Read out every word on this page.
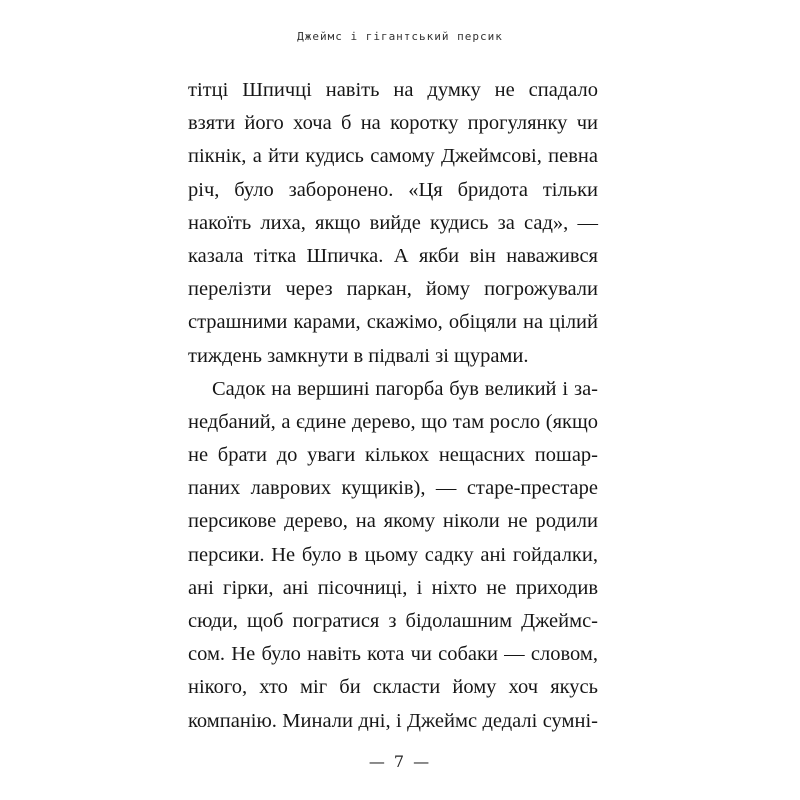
Джеймс і гігантський персик
тітці Шпичці навіть на думку не спадало
взяти його хоча б на коротку прогулянку чи
пікнік, а йти кудись самому Джеймсові, певна
річ, було заборонено. «Ця бридота тільки
накоїть лиха, якщо вийде кудись за сад», —
казала тітка Шпичка. А якби він наважився
перелізти через паркан, йому погрожували
страшними карами, скажімо, обіцяли на цілий
тиждень замкнути в підвалі зі щурами.
Садок на вершині пагорба був великий і за-
недбаний, а єдине дерево, що там росло (якщо
не брати до уваги кількох нещасних пошар-
паних лаврових кущиків), — старе-престаре
персикове дерево, на якому ніколи не родили
персики. Не було в цьому садку ані гойдалки,
ані гірки, ані пісочниці, і ніхто не приходив
сюди, щоб погратися з бідолашним Джеймс-
сом. Не було навіть кота чи собаки — словом,
нікого, хто міг би скласти йому хоч якусь
компанію. Минали дні, і Джеймс дедалі сумні-
— 7 —
